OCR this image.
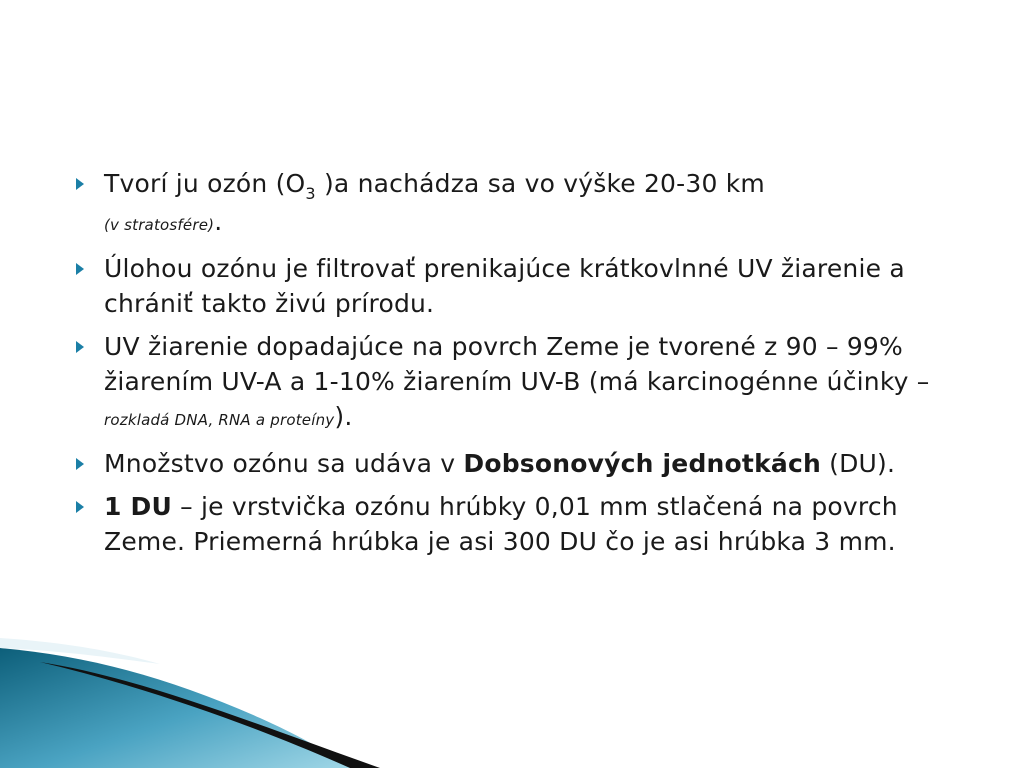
Tvorí ju ozón ($O_3$ )a nachádza sa vo výške 20-30 km
(v stratosfére).

Úlohou ozónu je filtrovať prenikajúce krátkovlnné UV žiarenie a chrániť takto živú prírodu.

UV žiarenie dopadajúce na povrch Zeme je tvorené z 90 – 99% žiarením UV-A a 1-10% žiarením UV-B (má karcinogénne účinky – rozkladá DNA, RNA a proteíny).

Množstvo ozónu sa udáva v Dobsonových jednotkách (DU).

1 DU – je vrstvička ozónu hrúbky 0,01 mm stlačená na povrch Zeme. Priemerná hrúbka je asi 300 DU čo je asi hrúbka 3 mm.
